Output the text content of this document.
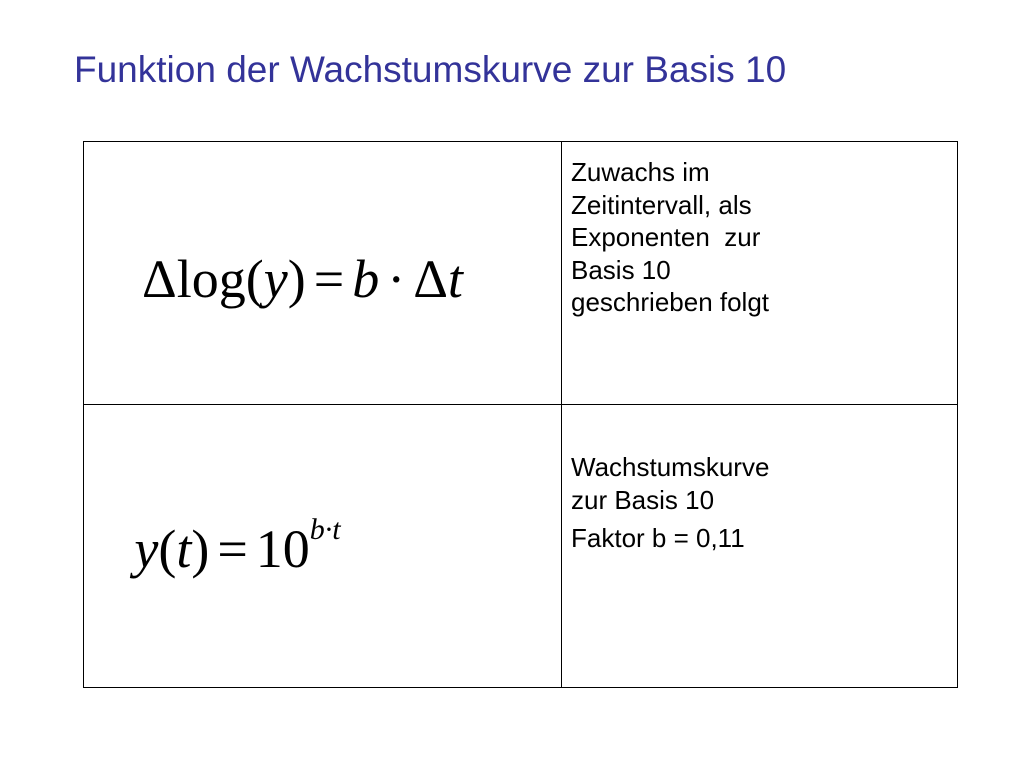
Funktion der Wachstumskurve zur Basis 10
Δlog(y) = b · Δt	Zuwachs im
Zeitintervall, als
Exponenten  zur
Basis 10
geschrieben folgt

$y(t) = 10^{b\cdot t}$	Wachstumskurve
zur Basis 10
Faktor b = 0,11
